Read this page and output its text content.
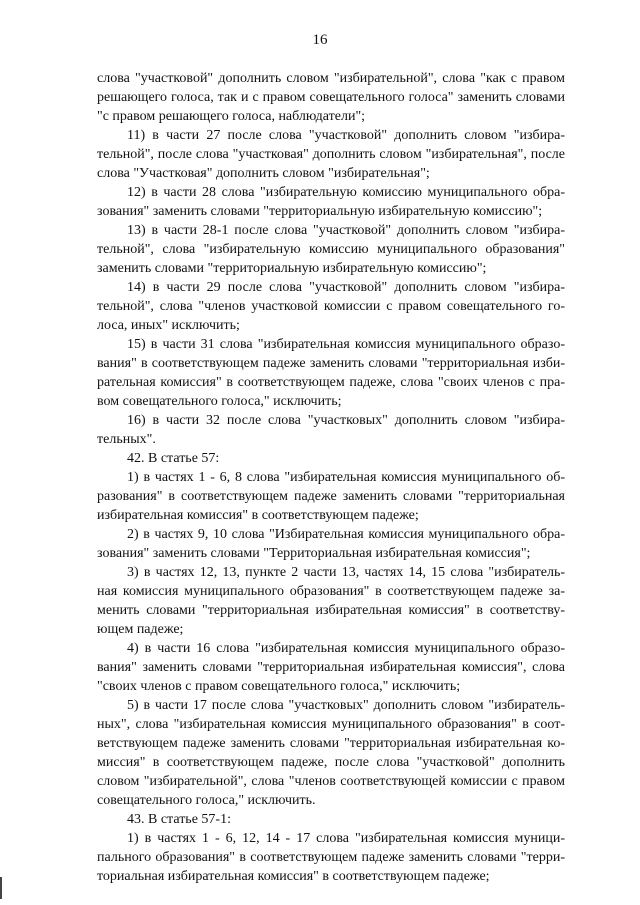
16
слова "участковой" дополнить словом "избирательной", слова "как с правом
решающего голоса, так и с правом совещательного голоса" заменить словами
"с правом решающего голоса, наблюдатели";
11) в части 27 после слова "участковой" дополнить словом "избира-
тельной", после слова "участковая" дополнить словом "избирательная", после
слова "Участковая" дополнить словом "избирательная";
12) в части 28 слова "избирательную комиссию муниципального обра-
зования" заменить словами "территориальную избирательную комиссию";
13) в части 28-1 после слова "участковой" дополнить словом "избира-
тельной", слова "избирательную комиссию муниципального образования"
заменить словами "территориальную избирательную комиссию";
14) в части 29 после слова "участковой" дополнить словом "избира-
тельной", слова "членов участковой комиссии с правом совещательного го-
лоса, иных" исключить;
15) в части 31 слова "избирательная комиссия муниципального образо-
вания" в соответствующем падеже заменить словами "территориальная изби-
рательная комиссия" в соответствующем падеже, слова "своих членов с пра-
вом совещательного голоса," исключить;
16) в части 32 после слова "участковых" дополнить словом "избира-
тельных".
42. В статье 57:
1) в частях 1 - 6, 8 слова "избирательная комиссия муниципального об-
разования" в соответствующем падеже заменить словами "территориальная
избирательная комиссия" в соответствующем падеже;
2) в частях 9, 10 слова "Избирательная комиссия муниципального обра-
зования" заменить словами "Территориальная избирательная комиссия";
3) в частях 12, 13, пункте 2 части 13, частях 14, 15 слова "избиратель-
ная комиссия муниципального образования" в соответствующем падеже за-
менить словами "территориальная избирательная комиссия" в соответству-
ющем падеже;
4) в части 16 слова "избирательная комиссия муниципального образо-
вания" заменить словами "территориальная избирательная комиссия", слова
"своих членов с правом совещательного голоса," исключить;
5) в части 17 после слова "участковых" дополнить словом "избиратель-
ных", слова "избирательная комиссия муниципального образования" в соот-
ветствующем падеже заменить словами "территориальная избирательная ко-
миссия" в соответствующем падеже, после слова "участковой" дополнить
словом "избирательной", слова "членов соответствующей комиссии с правом
совещательного голоса," исключить.
43. В статье 57-1:
1) в частях 1 - 6, 12, 14 - 17 слова "избирательная комиссия муници-
пального образования" в соответствующем падеже заменить словами "терри-
ториальная избирательная комиссия" в соответствующем падеже;
